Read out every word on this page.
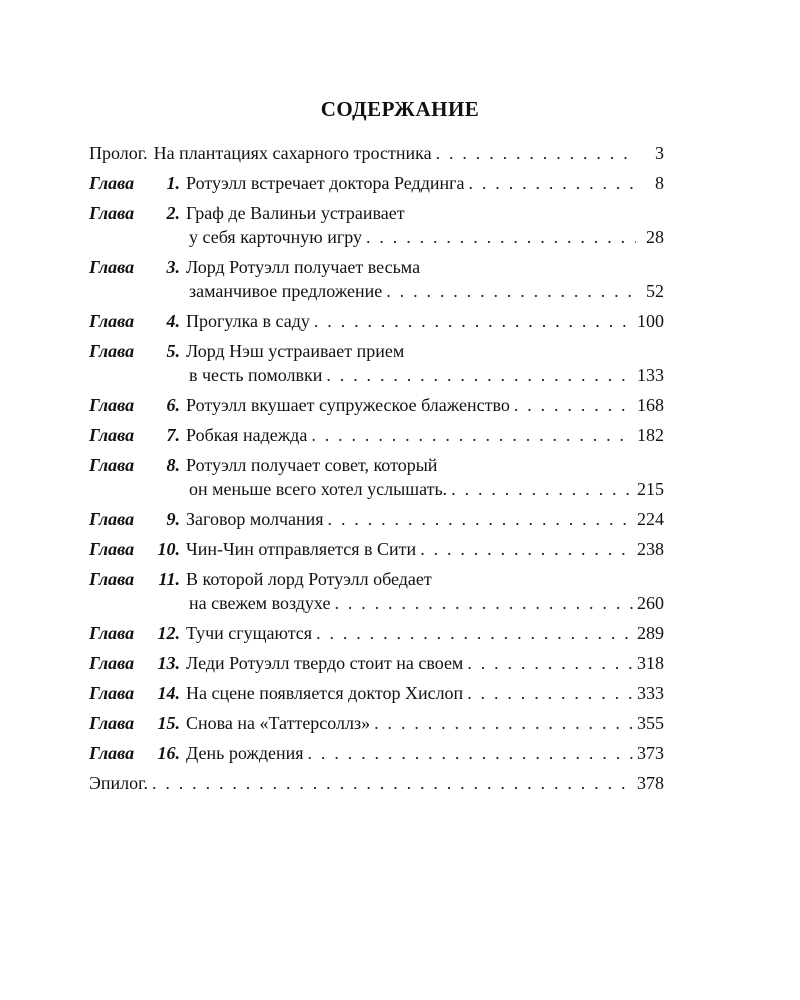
СОДЕРЖАНИЕ
Пролог. На плантациях сахарного тростника . . .	3
Глава 1. Ротуэлл встречает доктора Реддинга . . .	8
Глава 2. Граф де Валиньи устраивает
у себя карточную игру . . .	28
Глава 3. Лорд Ротуэлл получает весьма
заманчивое предложение . . .	52
Глава 4. Прогулка в саду . . .	100
Глава 5. Лорд Нэш устраивает прием
в честь помолвки . . .	133
Глава 6. Ротуэлл вкушает супружеское блаженство . . .	168
Глава 7. Робкая надежда . . .	182
Глава 8. Ротуэлл получает совет, который
он меньше всего хотел услышать. . . .	215
Глава 9. Заговор молчания . . .	224
Глава 10. Чин-Чин отправляется в Сити . . .	238
Глава 11. В которой лорд Ротуэлл обедает
на свежем воздухе . . .	260
Глава 12. Тучи сгущаются . . .	289
Глава 13. Леди Ротуэлл твердо стоит на своем . . .	318
Глава 14. На сцене появляется доктор Хислоп . . .	333
Глава 15. Снова на «Таттерсоллз» . . .	355
Глава 16. День рождения . . .	373
Эпилог. . . .	378
